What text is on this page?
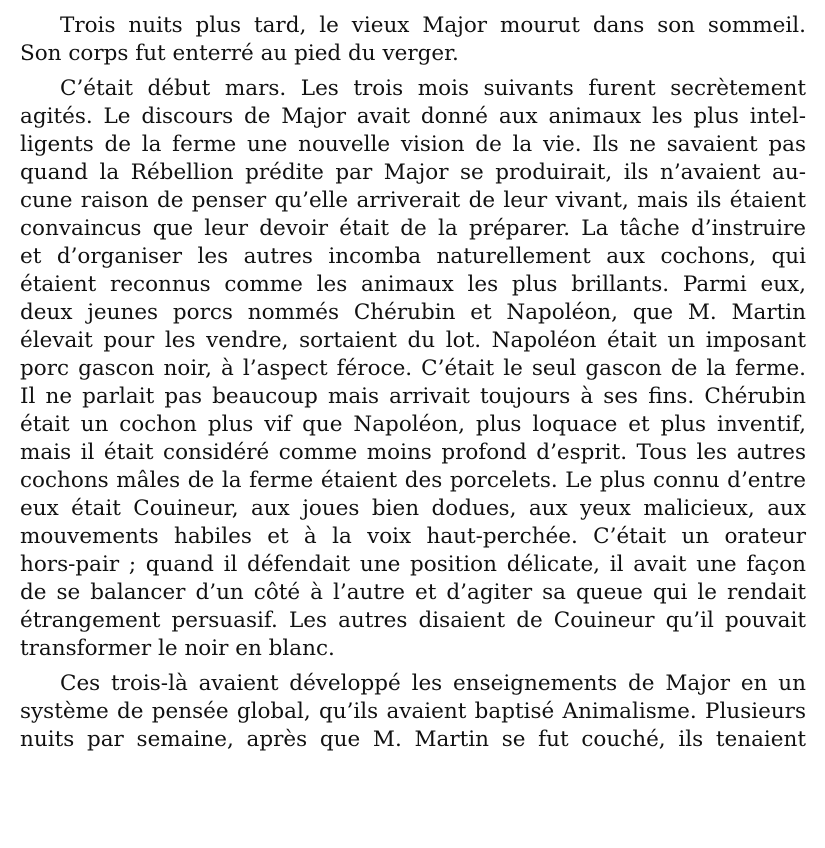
Trois nuits plus tard, le vieux Major mourut dans son sommeil.
Son corps fut enterré au pied du verger.

C’était début mars. Les trois mois suivants furent secrètement
agités. Le discours de Major avait donné aux animaux les plus intel-
ligents de la ferme une nouvelle vision de la vie. Ils ne savaient pas
quand la Rébellion prédite par Major se produirait, ils n’avaient au-
cune raison de penser qu’elle arriverait de leur vivant, mais ils étaient
convaincus que leur devoir était de la préparer. La tâche d’instruire
et d’organiser les autres incomba naturellement aux cochons, qui
étaient reconnus comme les animaux les plus brillants. Parmi eux,
deux jeunes porcs nommés Chérubin et Napoléon, que M. Martin
élevait pour les vendre, sortaient du lot. Napoléon était un imposant
porc gascon noir, à l’aspect féroce. C’était le seul gascon de la ferme.
Il ne parlait pas beaucoup mais arrivait toujours à ses fins. Chérubin
était un cochon plus vif que Napoléon, plus loquace et plus inventif,
mais il était considéré comme moins profond d’esprit. Tous les autres
cochons mâles de la ferme étaient des porcelets. Le plus connu d’entre
eux était Couineur, aux joues bien dodues, aux yeux malicieux, aux
mouvements habiles et à la voix haut-perchée. C’était un orateur
hors-pair ; quand il défendait une position délicate, il avait une façon
de se balancer d’un côté à l’autre et d’agiter sa queue qui le rendait
étrangement persuasif. Les autres disaient de Couineur qu’il pouvait
transformer le noir en blanc.

Ces trois-là avaient développé les enseignements de Major en un
système de pensée global, qu’ils avaient baptisé Animalisme. Plusieurs
nuits par semaine, après que M. Martin se fut couché, ils tenaient
